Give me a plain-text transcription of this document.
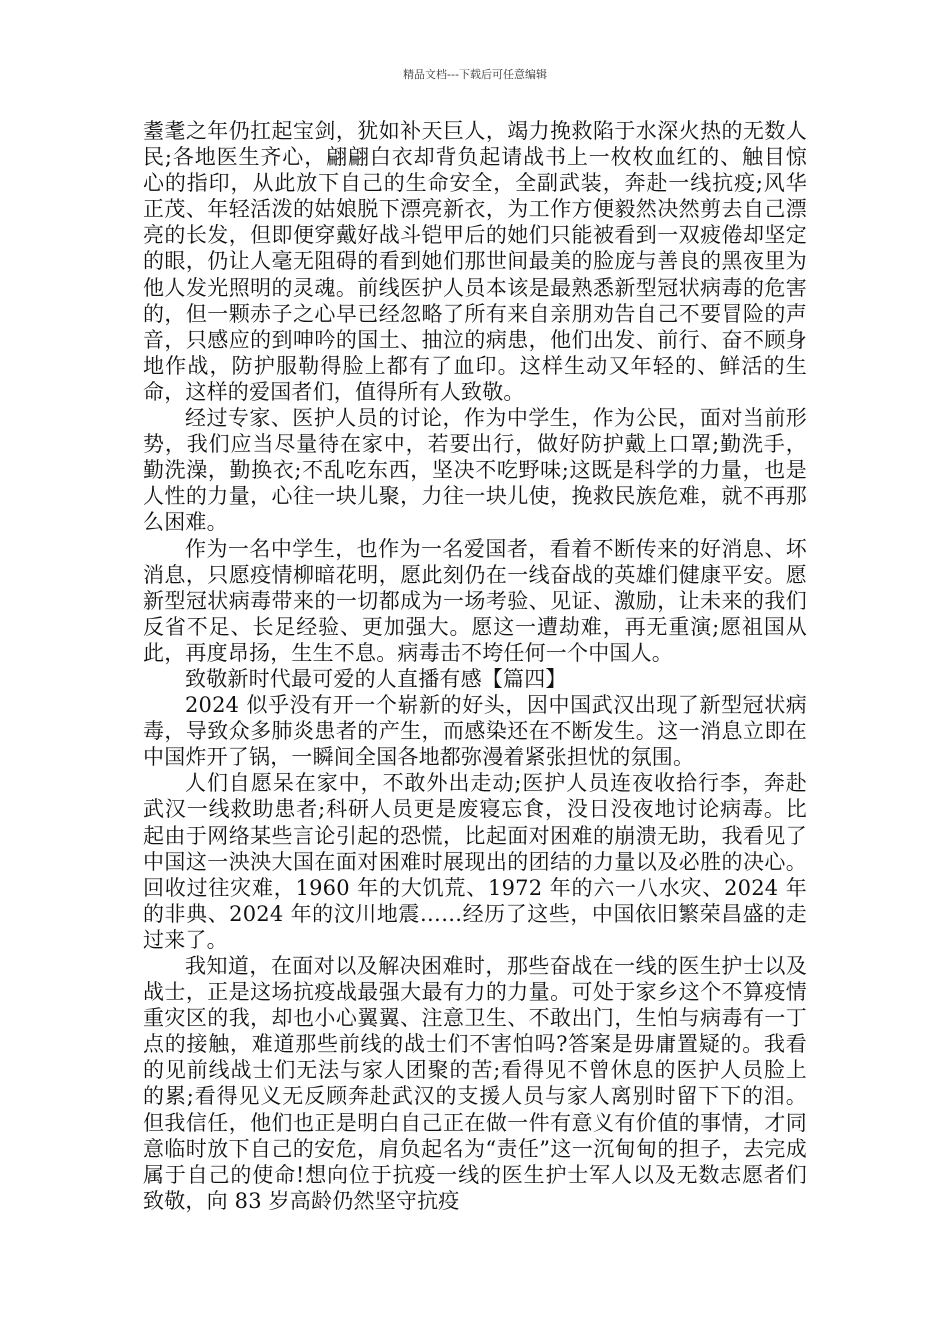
精品文档---下载后可任意编辑

耋耄之年仍扛起宝剑，犹如补天巨人，竭力挽救陷于水深火热的无数人民;各地医生齐心，翩翩白衣却背负起请战书上一枚枚血红的、触目惊心的指印，从此放下自己的生命安全，全副武装，奔赴一线抗疫;风华正茂、年轻活泼的姑娘脱下漂亮新衣，为工作方便毅然决然剪去自己漂亮的长发，但即便穿戴好战斗铠甲后的她们只能被看到一双疲倦却坚定的眼，仍让人毫无阻碍的看到她们那世间最美的脸庞与善良的黑夜里为他人发光照明的灵魂。前线医护人员本该是最熟悉新型冠状病毒的危害的，但一颗赤子之心早已经忽略了所有来自亲朋劝告自己不要冒险的声音，只感应的到呻吟的国土、抽泣的病患，他们出发、前行、奋不顾身地作战，防护服勒得脸上都有了血印。这样生动又年轻的、鲜活的生命，这样的爱国者们，值得所有人致敬。

经过专家、医护人员的讨论，作为中学生，作为公民，面对当前形势，我们应当尽量待在家中，若要出行，做好防护戴上口罩;勤洗手，勤洗澡，勤换衣;不乱吃东西，坚决不吃野味;这既是科学的力量，也是人性的力量，心往一块儿聚，力往一块儿使，挽救民族危难，就不再那么困难。

作为一名中学生，也作为一名爱国者，看着不断传来的好消息、坏消息，只愿疫情柳暗花明，愿此刻仍在一线奋战的英雄们健康平安。愿新型冠状病毒带来的一切都成为一场考验、见证、激励，让未来的我们反省不足、长足经验、更加强大。愿这一遭劫难，再无重演;愿祖国从此，再度昂扬，生生不息。病毒击不垮任何一个中国人。

致敬新时代最可爱的人直播有感【篇四】

2024 似乎没有开一个崭新的好头，因中国武汉出现了新型冠状病毒，导致众多肺炎患者的产生，而感染还在不断发生。这一消息立即在中国炸开了锅，一瞬间全国各地都弥漫着紧张担忧的氛围。

人们自愿呆在家中，不敢外出走动;医护人员连夜收拾行李，奔赴武汉一线救助患者;科研人员更是废寝忘食，没日没夜地讨论病毒。比起由于网络某些言论引起的恐慌，比起面对困难的崩溃无助，我看见了中国这一泱泱大国在面对困难时展现出的团结的力量以及必胜的决心。回收过往灾难，1960 年的大饥荒、1972 年的六一八水灾、2024 年的非典、2024 年的汶川地震……经历了这些，中国依旧繁荣昌盛的走过来了。

我知道，在面对以及解决困难时，那些奋战在一线的医生护士以及战士，正是这场抗疫战最强大最有力的力量。可处于家乡这个不算疫情重灾区的我，却也小心翼翼、注意卫生、不敢出门，生怕与病毒有一丁点的接触，难道那些前线的战士们不害怕吗?答案是毋庸置疑的。我看的见前线战士们无法与家人团聚的苦;看得见不曾休息的医护人员脸上的累;看得见义无反顾奔赴武汉的支援人员与家人离别时留下下的泪。但我信任，他们也正是明白自己正在做一件有意义有价值的事情，才同意临时放下自己的安危，肩负起名为“责任”这一沉甸甸的担子，去完成属于自己的使命!想向位于抗疫一线的医生护士军人以及无数志愿者们致敬，向 83 岁高龄仍然坚守抗疫
